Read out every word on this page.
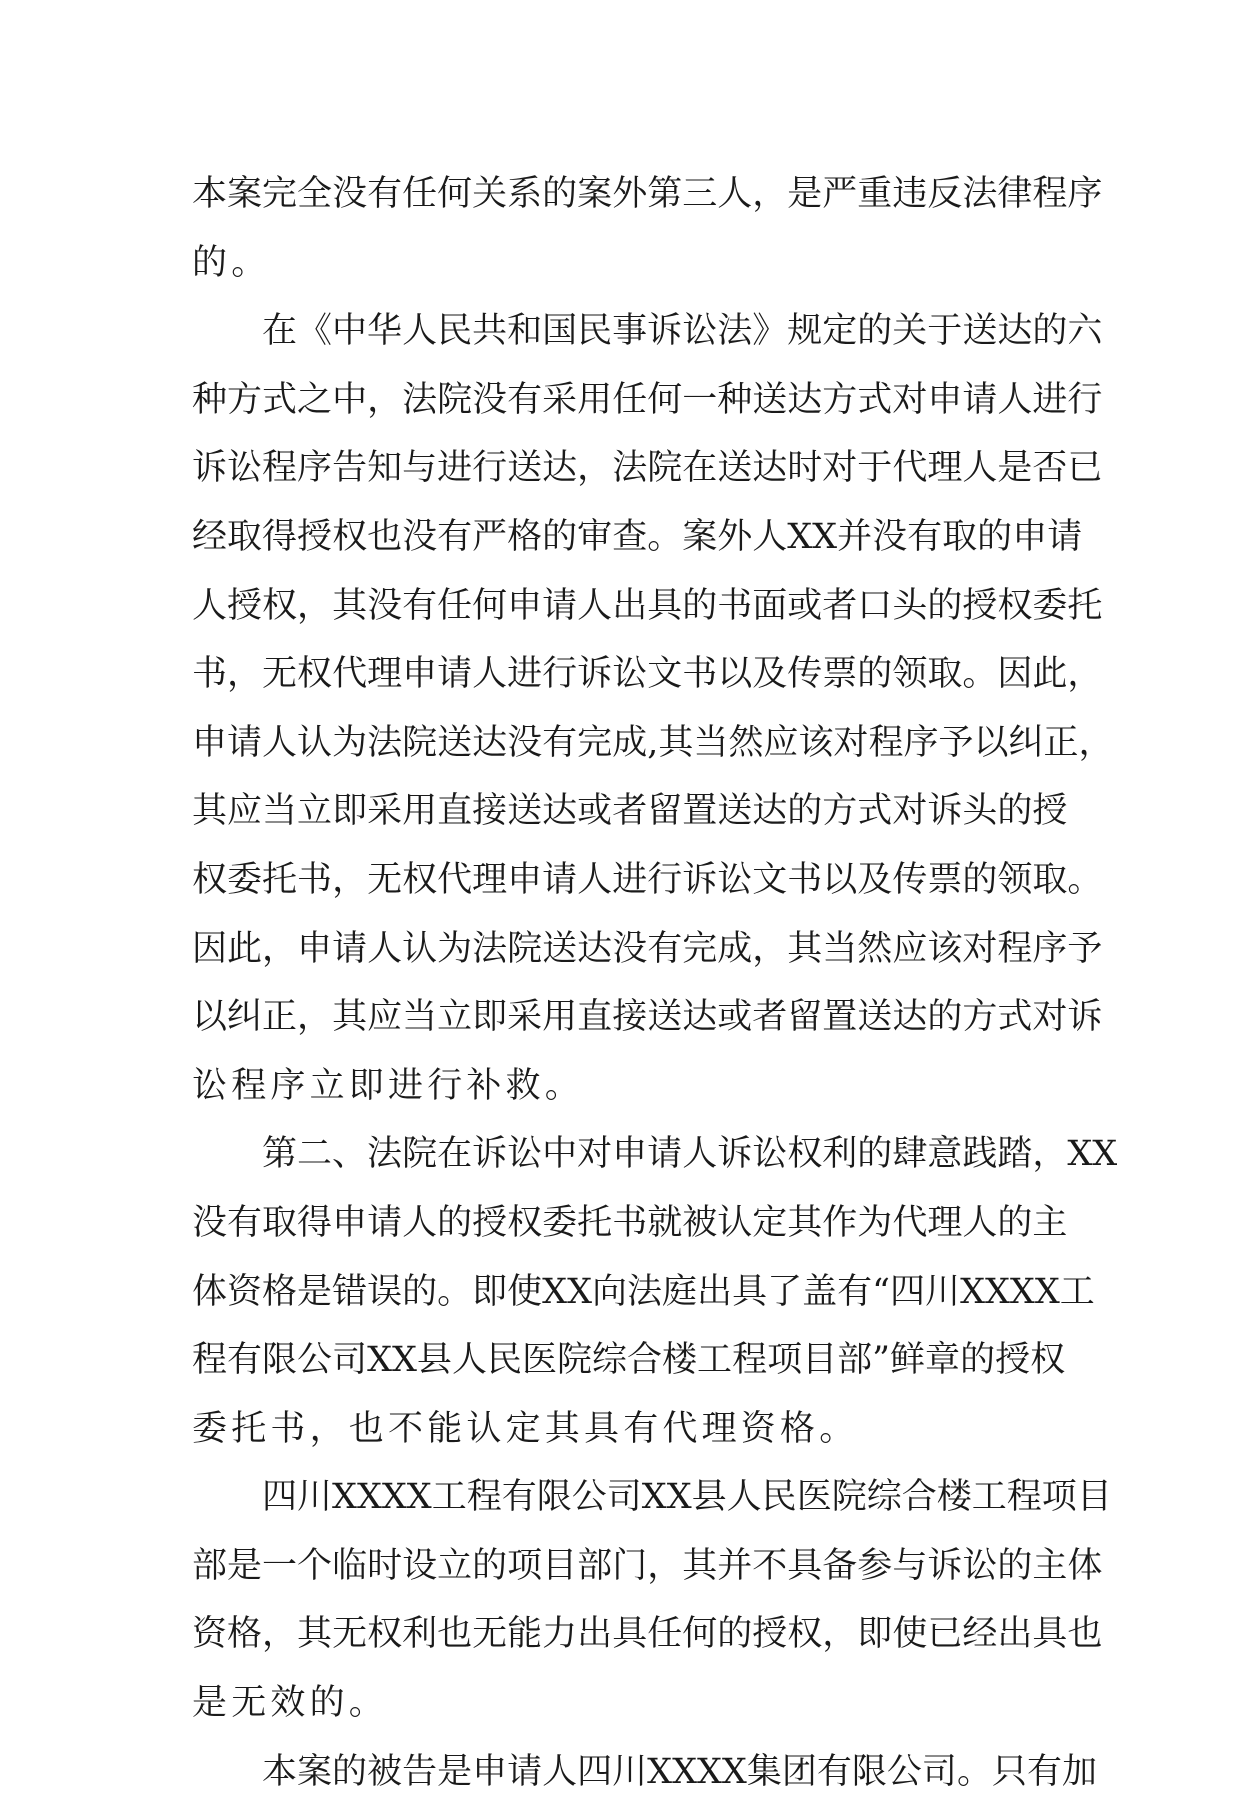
本 案 完 全 没 有 任 何 关 系 的 案 外 第 三 人 ， 是 严 重 违 反 法 律 程 序
的。
在 《 中 华 人 民 共 和 国 民 事 诉 讼 法 》 规 定 的 关 于 送 达 的 六
种 方 式 之 中 ， 法 院 没 有 采 用 任 何 一 种 送 达 方 式 对 申 请 人 进 行
诉 讼 程 序 告 知 与 进 行 送 达 ， 法 院 在 送 达 时 对 于 代 理 人 是 否 已
经 取 得 授 权 也 没 有 严 格 的 审 查 。 案 外 人 XX 并 没 有 取 的 申 请
人 授 权 ， 其 没 有 任 何 申 请 人 出 具 的 书 面 或 者 口 头 的 授 权 委 托
书 ， 无 权 代 理 申 请 人 进 行 诉 讼 文 书 以 及 传 票 的 领 取 。 因 此 ，
申 请 人 认 为 法 院 送 达 没 有 完 成 , 其 当 然 应 该 对 程 序 予 以 纠 正 ，
其 应 当 立 即 采 用 直 接 送 达 或 者 留 置 送 达 的 方 式 对 诉 头 的 授
权 委 托 书 ， 无 权 代 理 申 请 人 进 行 诉 讼 文 书 以 及 传 票 的 领 取 。
因 此 ， 申 请 人 认 为 法 院 送 达 没 有 完 成 ， 其 当 然 应 该 对 程 序 予
以 纠 正 ， 其 应 当 立 即 采 用 直 接 送 达 或 者 留 置 送 达 的 方 式 对 诉
讼程序立即进行补救。
第 二 、 法 院 在 诉 讼 中 对 申 请 人 诉 讼 权 利 的 肆 意 践 踏 ， XX
没 有 取 得 申 请 人 的 授 权 委 托 书 就 被 认 定 其 作 为 代 理 人 的 主
体 资 格 是 错 误 的 。 即 使 XX 向 法 庭 出 具 了 盖 有 “ 四 川 XXXX 工
程 有 限 公 司 XX 县 人 民 医 院 综 合 楼 工 程 项 目 部 ” 鲜 章 的 授 权
委托书，也不能认定其具有代理资格。
四 川 XXXX 工 程 有 限 公 司 XX 县 人 民 医 院 综 合 楼 工 程 项 目
部 是 一 个 临 时 设 立 的 项 目 部 门 ， 其 并 不 具 备 参 与 诉 讼 的 主 体
资 格 ， 其 无 权 利 也 无 能 力 出 具 任 何 的 授 权 ， 即 使 已 经 出 具 也
是无效的。
本 案 的 被 告 是 申 请 人 四 川 XXXX 集 团 有 限 公 司 。 只 有 加
